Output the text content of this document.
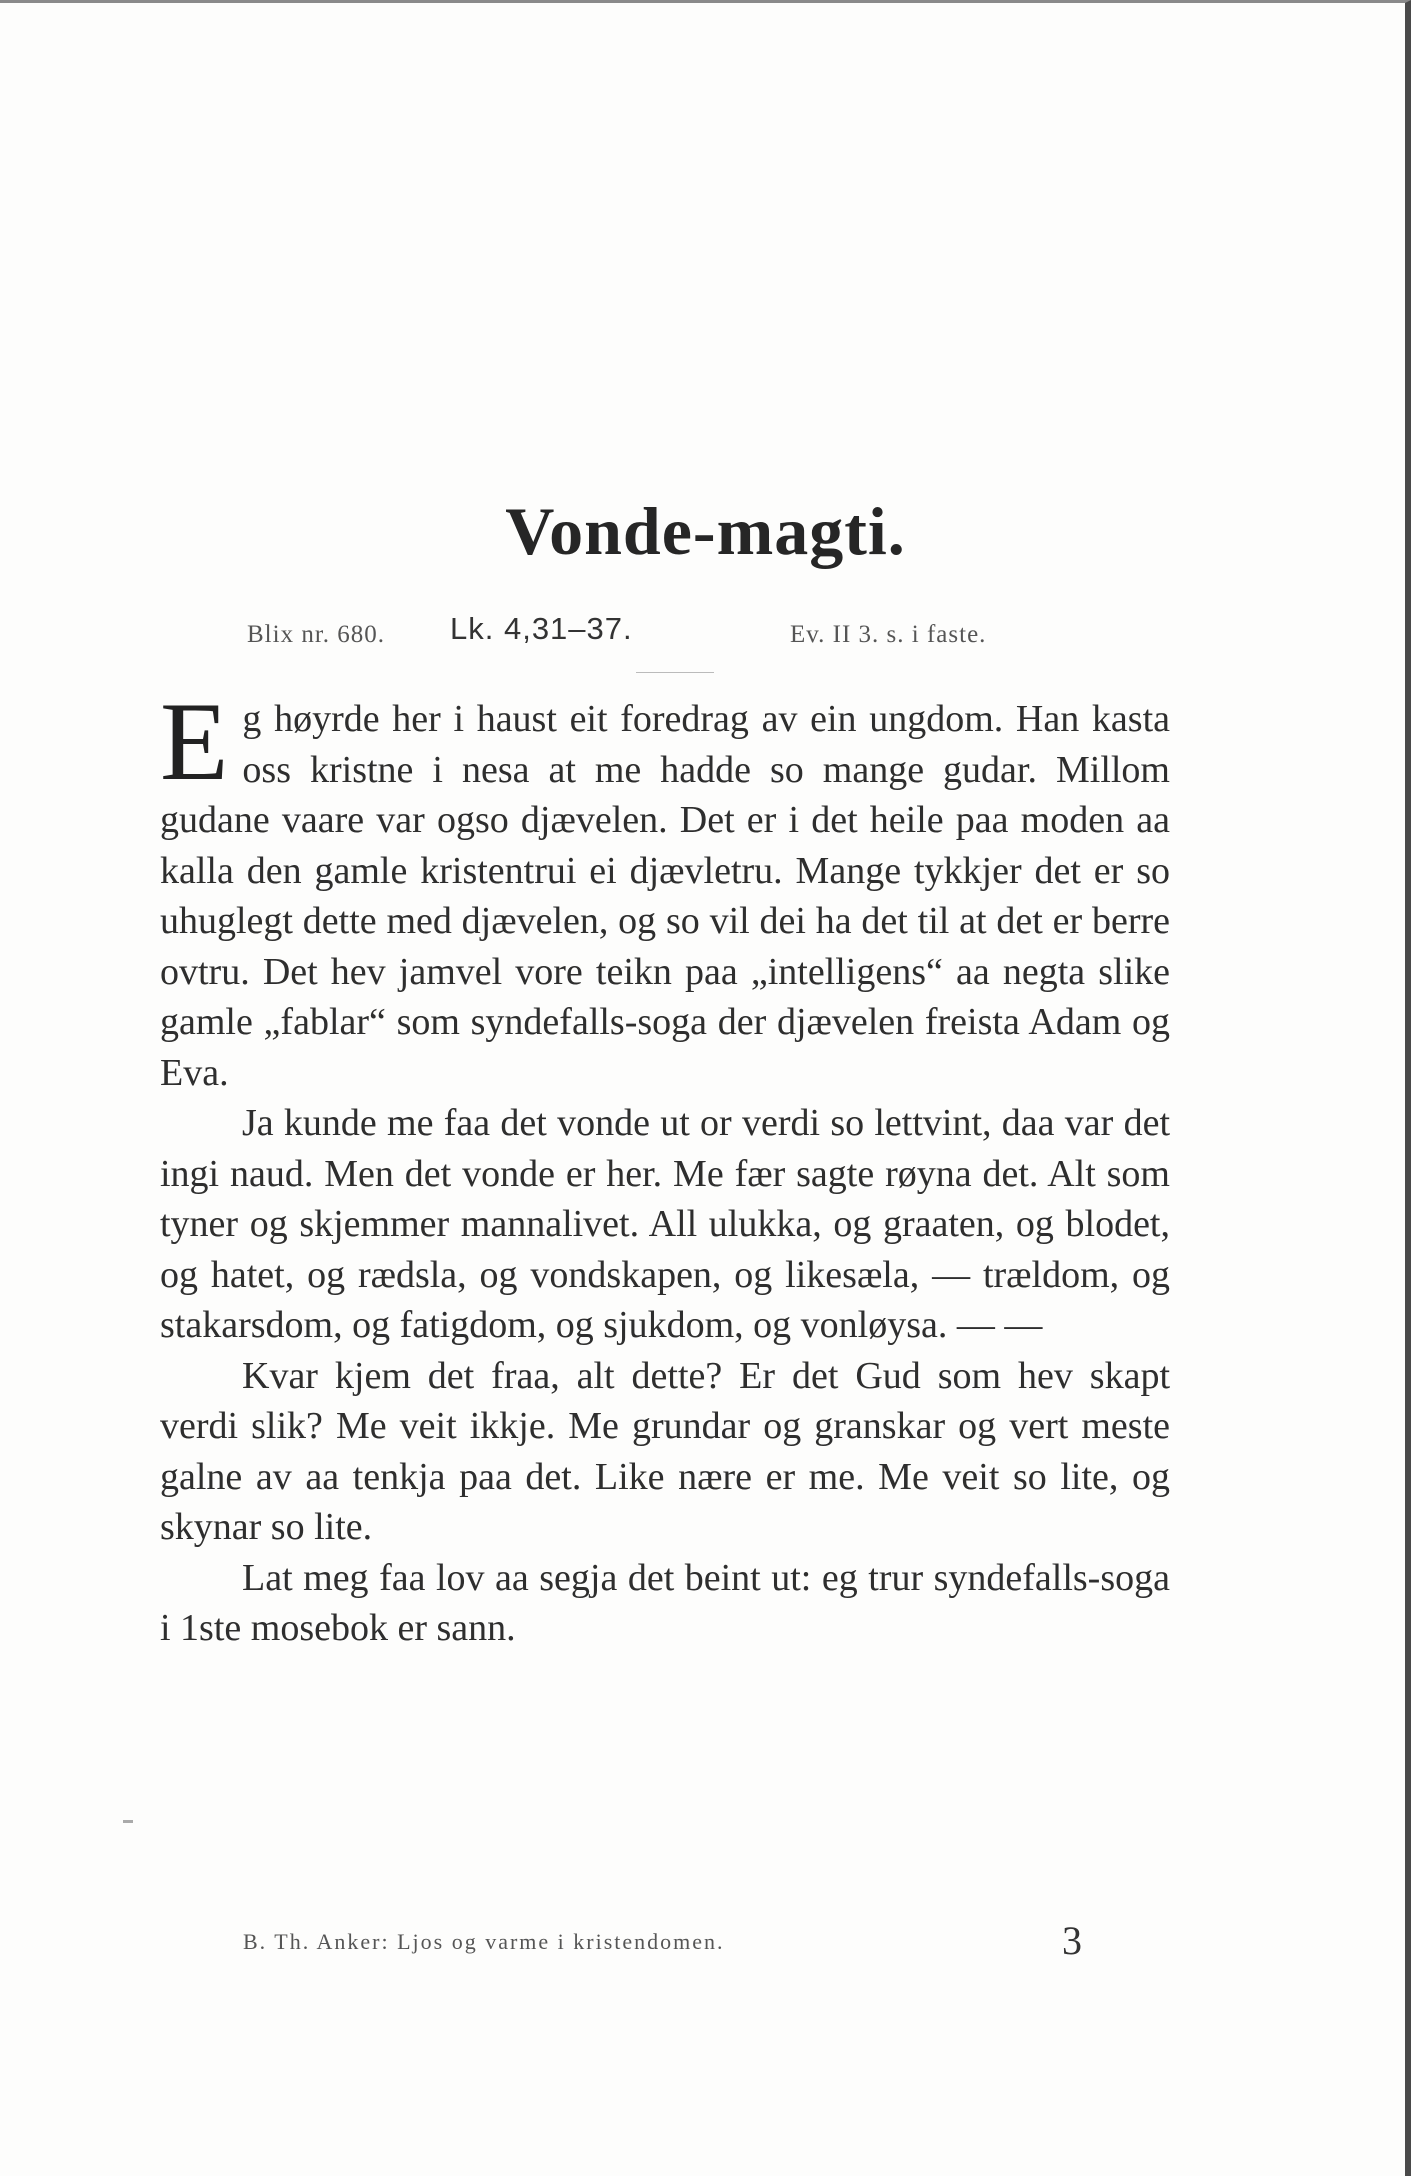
Vonde-magti.
Blix nr. 680. Lk. 4,31–37.	Ev. II 3. s. i faste.

E g høyrde her i haust eit foredrag av ein ungdom. Han kasta oss kristne i nesa at me hadde so mange gudar. Millom gudane vaare var ogso djævelen. Det er i det heile paa moden aa kalla den gamle kristentrui ei djævletru. Mange tykkjer det er so uhuglegt dette med djævelen, og so vil dei ha det til at det er berre ovtru. Det hev jamvel vore teikn paa „intelligens“ aa negta slike gamle „fablar“ som syndefalls-soga der djævelen freista Adam og Eva.

Ja kunde me faa det vonde ut or verdi so lettvint, daa var det ingi naud. Men det vonde er her. Me fær sagte røyna det. Alt som tyner og skjemmer mannalivet. All ulukka, og graaten, og blodet, og hatet, og rædsla, og vondskapen, og likesæla, — trældom, og stakarsdom, og fatigdom, og sjukdom, og vonløysa. — —

Kvar kjem det fraa, alt dette? Er det Gud som hev skapt verdi slik? Me veit ikkje. Me grundar og granskar og vert meste galne av aa tenkja paa det. Like nære er me. Me veit so lite, og skynar so lite.

Lat meg faa lov aa segja det beint ut: eg trur syndefalls-soga i 1ste mosebok er sann.

B. Th. Anker: Ljos og varme i kristendomen.	3
